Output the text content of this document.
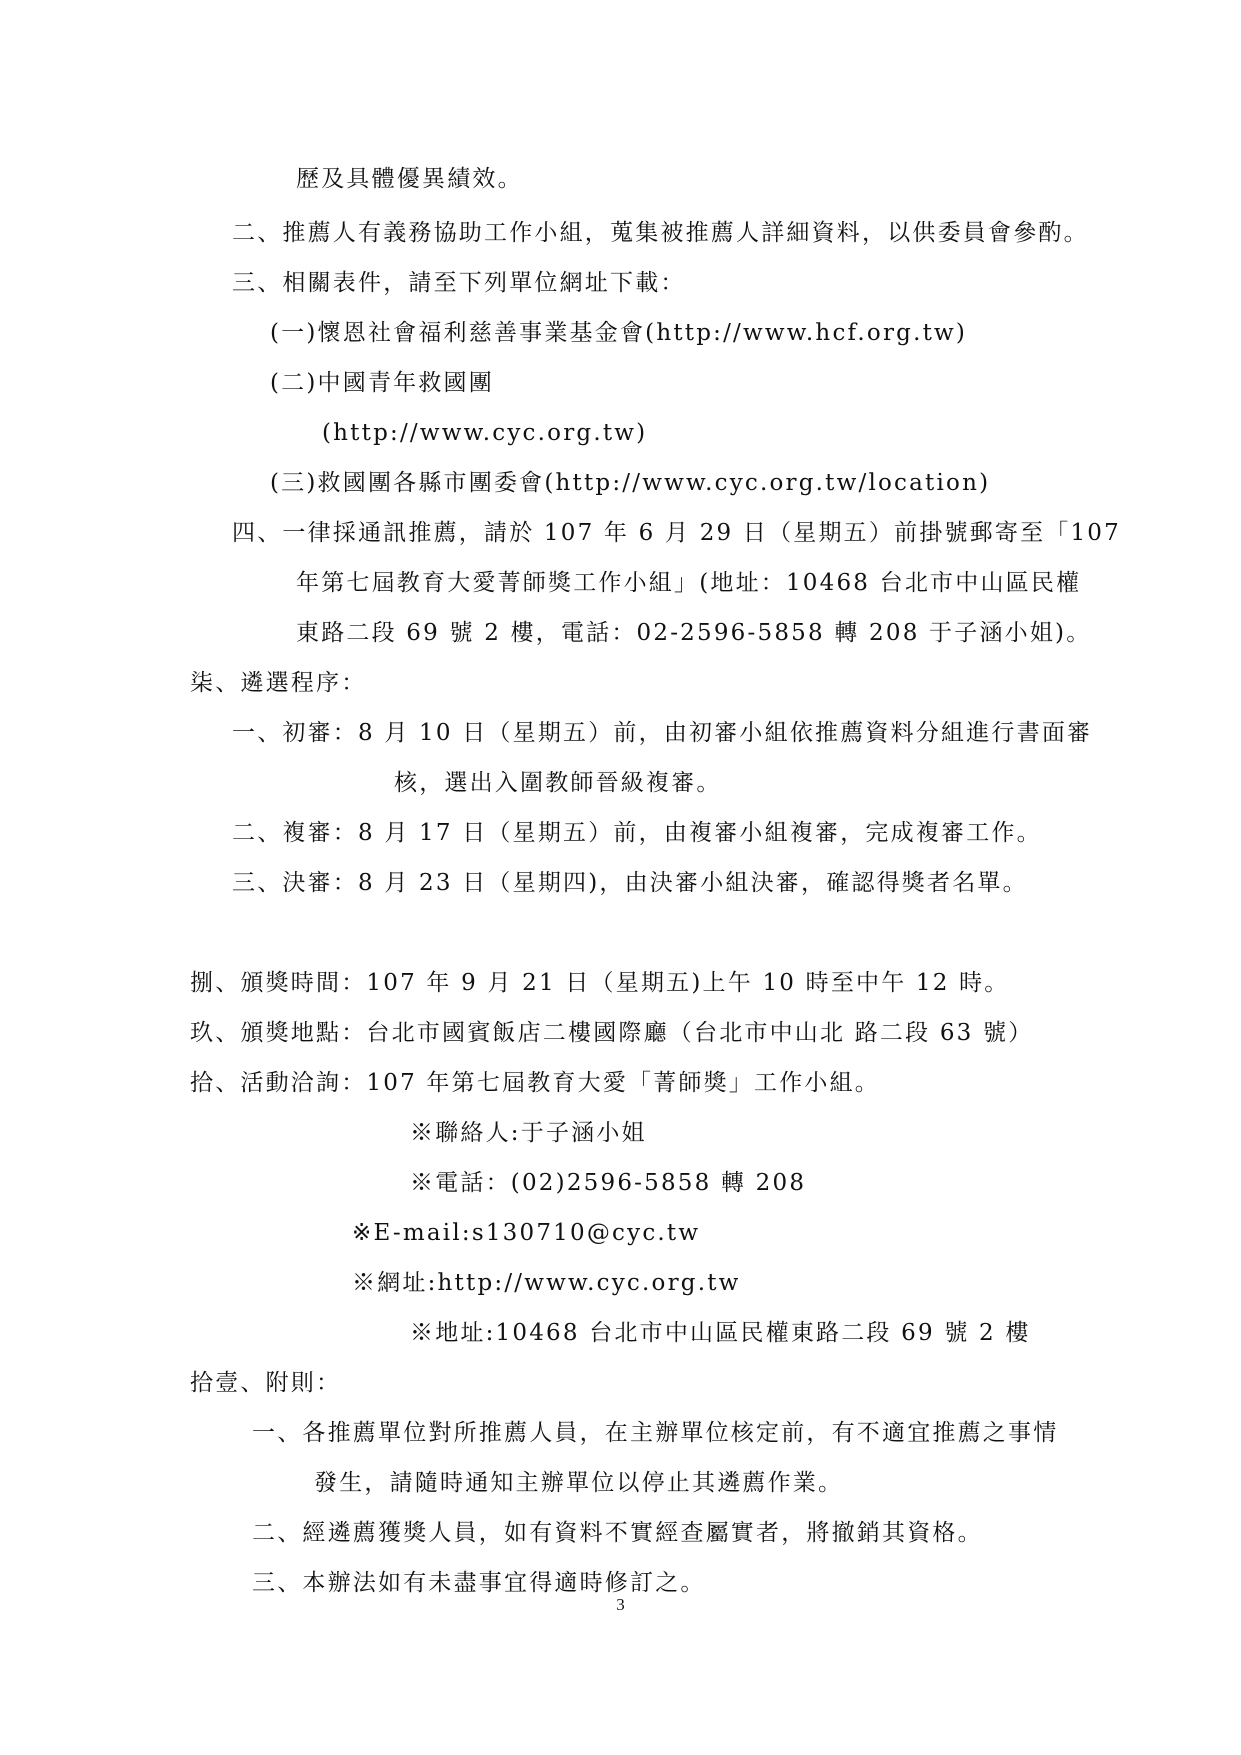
歷及具體優異績效。
二、推薦人有義務協助工作小組，蒐集被推薦人詳細資料，以供委員會參酌。
三、相關表件，請至下列單位網址下載：
(一)懷恩社會福利慈善事業基金會(http://www.hcf.org.tw)
(二)中國青年救國團
(http://www.cyc.org.tw)
(三)救國團各縣市團委會(http://www.cyc.org.tw/location)
四、一律採通訊推薦，請於 107 年 6 月 29 日（星期五）前掛號郵寄至「107
年第七屆教育大愛菁師獎工作小組」(地址：10468 台北市中山區民權
東路二段 69 號 2 樓，電話：02-2596-5858 轉 208 于子涵小姐)。
柒、遴選程序：
一、初審：8 月 10 日（星期五）前，由初審小組依推薦資料分組進行書面審
核，選出入圍教師晉級複審。
二、複審：8 月 17 日（星期五）前，由複審小組複審，完成複審工作。
三、決審：8 月 23 日（星期四)，由決審小組決審，確認得獎者名單。
捌、頒獎時間：107 年 9 月 21 日（星期五)上午 10 時至中午 12 時。
玖、頒獎地點：台北市國賓飯店二樓國際廳（台北市中山北 路二段 63 號）
拾、活動洽詢：107 年第七屆教育大愛「菁師獎」工作小組。
※聯絡人:于子涵小姐
※電話：(02)2596-5858 轉 208
※E-mail:s130710@cyc.tw
※網址:http://www.cyc.org.tw
※地址:10468 台北市中山區民權東路二段 69 號 2 樓
拾壹、附則：
一、各推薦單位對所推薦人員，在主辦單位核定前，有不適宜推薦之事情
發生，請隨時通知主辦單位以停止其遴薦作業。
二、經遴薦獲獎人員，如有資料不實經查屬實者，將撤銷其資格。
三、本辦法如有未盡事宜得適時修訂之。
3
